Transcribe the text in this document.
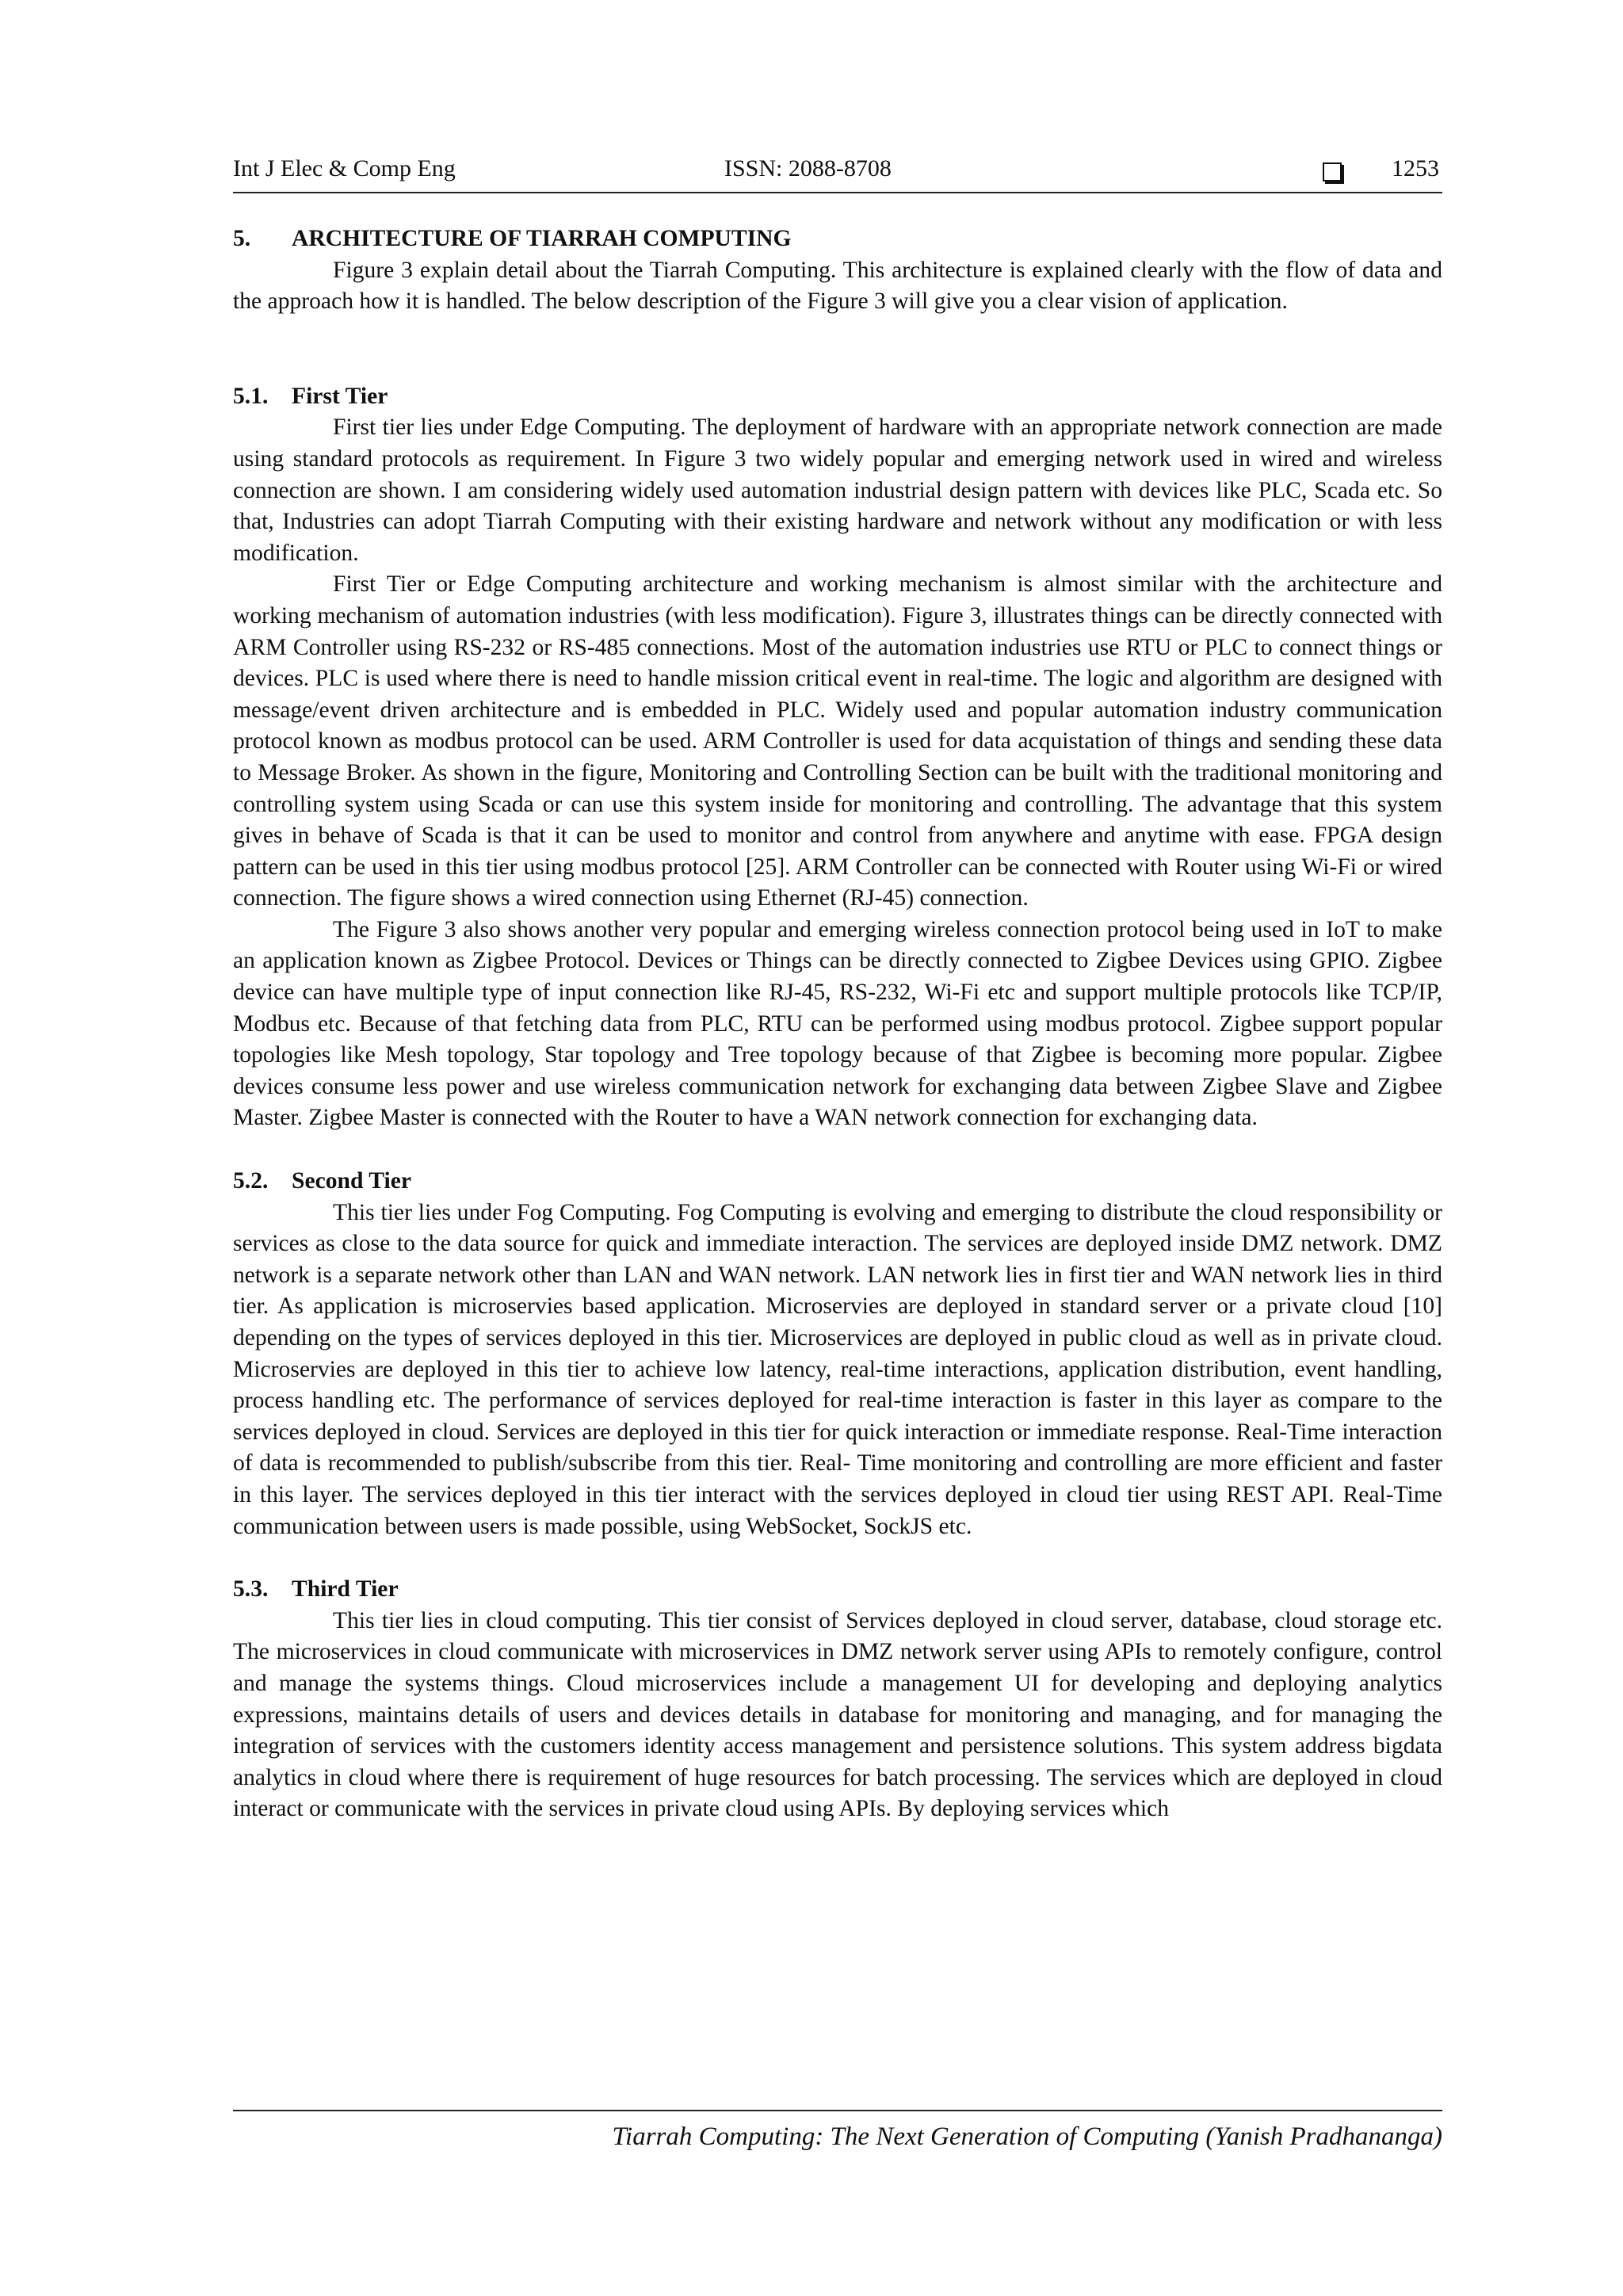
Int J Elec & Comp Eng	ISSN: 2088-8708	1253
5. ARCHITECTURE OF TIARRAH COMPUTING

Figure 3 explain detail about the Tiarrah Computing. This architecture is explained clearly with the flow of data and the approach how it is handled. The below description of the Figure 3 will give you a clear vision of application.

5.1. First Tier

First tier lies under Edge Computing. The deployment of hardware with an appropriate network connection are made using standard protocols as requirement. In Figure 3 two widely popular and emerging network used in wired and wireless connection are shown. I am considering widely used automation industrial design pattern with devices like PLC, Scada etc. So that, Industries can adopt Tiarrah Computing with their existing hardware and network without any modification or with less modification.

First Tier or Edge Computing architecture and working mechanism is almost similar with the architecture and working mechanism of automation industries (with less modification). Figure 3, illustrates things can be directly connected with ARM Controller using RS-232 or RS-485 connections. Most of the automation industries use RTU or PLC to connect things or devices. PLC is used where there is need to handle mission critical event in real-time. The logic and algorithm are designed with message/event driven architecture and is embedded in PLC. Widely used and popular automation industry communication protocol known as modbus protocol can be used. ARM Controller is used for data acquistation of things and sending these data to Message Broker. As shown in the figure, Monitoring and Controlling Section can be built with the traditional monitoring and controlling system using Scada or can use this system inside for monitoring and controlling. The advantage that this system gives in behave of Scada is that it can be used to monitor and control from anywhere and anytime with ease. FPGA design pattern can be used in this tier using modbus protocol [25]. ARM Controller can be connected with Router using Wi-Fi or wired connection. The figure shows a wired connection using Ethernet (RJ-45) connection.

The Figure 3 also shows another very popular and emerging wireless connection protocol being used in IoT to make an application known as Zigbee Protocol. Devices or Things can be directly connected to Zigbee Devices using GPIO. Zigbee device can have multiple type of input connection like RJ-45, RS-232, Wi-Fi etc and support multiple protocols like TCP/IP, Modbus etc. Because of that fetching data from PLC, RTU can be performed using modbus protocol. Zigbee support popular topologies like Mesh topology, Star topology and Tree topology because of that Zigbee is becoming more popular. Zigbee devices consume less power and use wireless communication network for exchanging data between Zigbee Slave and Zigbee Master. Zigbee Master is connected with the Router to have a WAN network connection for exchanging data.

5.2. Second Tier

This tier lies under Fog Computing. Fog Computing is evolving and emerging to distribute the cloud responsibility or services as close to the data source for quick and immediate interaction. The services are deployed inside DMZ network. DMZ network is a separate network other than LAN and WAN network. LAN network lies in first tier and WAN network lies in third tier. As application is microservies based application. Microservies are deployed in standard server or a private cloud [10] depending on the types of services deployed in this tier. Microservices are deployed in public cloud as well as in private cloud. Microservies are deployed in this tier to achieve low latency, real-time interactions, application distribution, event handling, process handling etc. The performance of services deployed for real-time interaction is faster in this layer as compare to the services deployed in cloud. Services are deployed in this tier for quick interaction or immediate response. Real-Time interaction of data is recommended to publish/subscribe from this tier. Real- Time monitoring and controlling are more efficient and faster in this layer. The services deployed in this tier interact with the services deployed in cloud tier using REST API. Real-Time communication between users is made possible, using WebSocket, SockJS etc.

5.3. Third Tier

This tier lies in cloud computing. This tier consist of Services deployed in cloud server, database, cloud storage etc. The microservices in cloud communicate with microservices in DMZ network server using APIs to remotely configure, control and manage the systems things. Cloud microservices include a management UI for developing and deploying analytics expressions, maintains details of users and devices details in database for monitoring and managing, and for managing the integration of services with the customers identity access management and persistence solutions. This system address bigdata analytics in cloud where there is requirement of huge resources for batch processing. The services which are deployed in cloud interact or communicate with the services in private cloud using APIs. By deploying services which

Tiarrah Computing: The Next Generation of Computing (Yanish Pradhananga)
